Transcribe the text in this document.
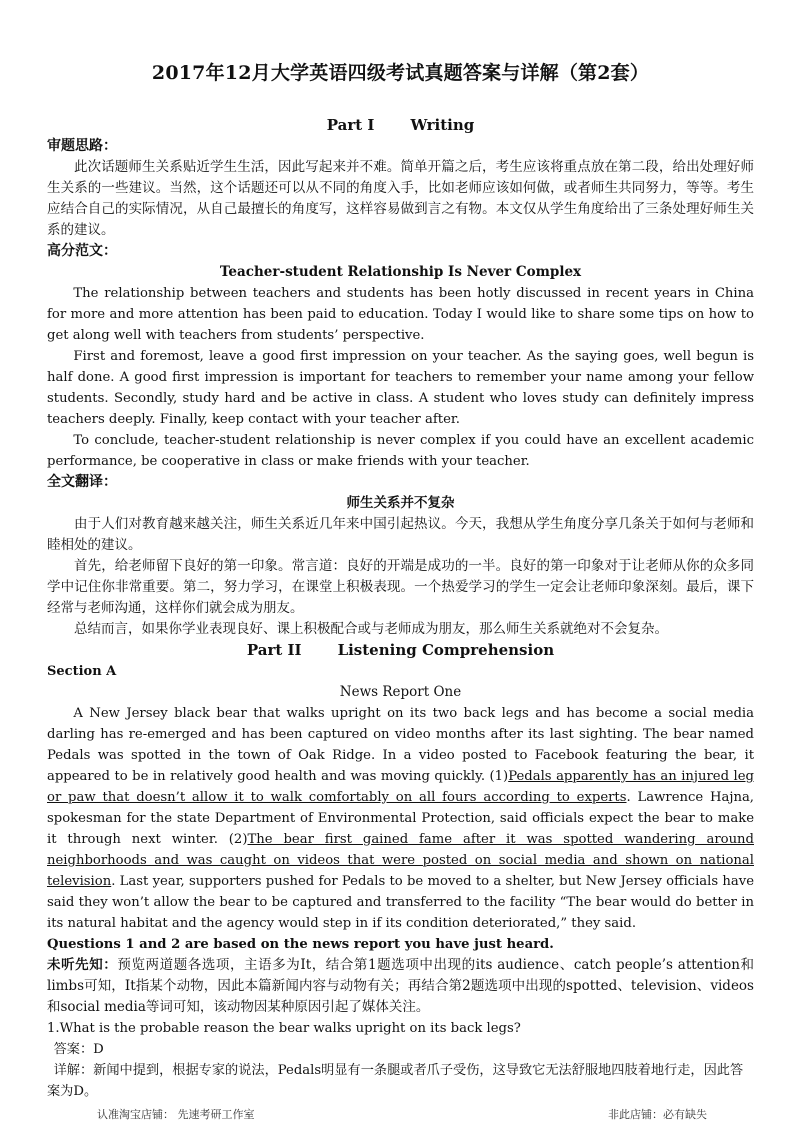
2017年12月大学英语四级考试真题答案与详解（第2套）
Part I Writing
审题思路：

此次话题师生关系贴近学生生活，因此写起来并不难。简单开篇之后，考生应该将重点放在第二段，给出处理好师生关系的一些建议。当然，这个话题还可以从不同的角度入手，比如老师应该如何做，或者师生共同努力，等等。考生应结合自己的实际情况，从自己最擅长的角度写，这样容易做到言之有物。本文仅从学生角度给出了三条处理好师生关系的建议。

高分范文：
Teacher-student Relationship Is Never Complex

The relationship between teachers and students has been hotly discussed in recent years in China for more and more attention has been paid to education. Today I would like to share some tips on how to get along well with teachers from students’ perspective.

First and foremost, leave a good first impression on your teacher. As the saying goes, well begun is half done. A good first impression is important for teachers to remember your name among your fellow students. Secondly, study hard and be active in class. A student who loves study can definitely impress teachers deeply. Finally, keep contact with your teacher after.

To conclude, teacher-student relationship is never complex if you could have an excellent academic performance, be cooperative in class or make friends with your teacher.

全文翻译：
师生关系并不复杂

由于人们对教育越来越关注，师生关系近几年来中国引起热议。今天，我想从学生角度分享几条关于如何与老师和睦相处的建议。

首先，给老师留下良好的第一印象。常言道：良好的开端是成功的一半。良好的第一印象对于让老师从你的众多同学中记住你非常重要。第二，努力学习，在课堂上积极表现。一个热爱学习的学生一定会让老师印象深刻。最后，课下经常与老师沟通，这样你们就会成为朋友。

总结而言，如果你学业表现良好、课上积极配合或与老师成为朋友，那么师生关系就绝对不会复杂。

Part II Listening Comprehension
Section A
News Report One

A New Jersey black bear that walks upright on its two back legs and has become a social media darling has re-emerged and has been captured on video months after its last sighting. The bear named Pedals was spotted in the town of Oak Ridge. In a video posted to Facebook featuring the bear, it appeared to be in relatively good health and was moving quickly. (1)Pedals apparently has an injured leg or paw that doesn’t allow it to walk comfortably on all fours according to experts. Lawrence Hajna, spokesman for the state Department of Environmental Protection, said officials expect the bear to make it through next winter. (2)The bear first gained fame after it was spotted wandering around neighborhoods and was caught on videos that were posted on social media and shown on national television. Last year, supporters pushed for Pedals to be moved to a shelter, but New Jersey officials have said they won’t allow the bear to be captured and transferred to the facility “The bear would do better in its natural habitat and the agency would step in if its condition deteriorated,” they said.

Questions 1 and 2 are based on the news report you have just heard.

未听先知：预览两道题各选项，主语多为It，结合第1题选项中出现的its audience、catch people’s attention和limbs可知，It指某个动物，因此本篇新闻内容与动物有关；再结合第2题选项中出现的spotted、television、videos和social media等词可知，该动物因某种原因引起了媒体关注。

1.What is the probable reason the bear walks upright on its back legs?

答案：D

详解：新闻中提到，根据专家的说法，Pedals明显有一条腿或者爪子受伤，这导致它无法舒服地四肢着地行走，因此答案为D。

认准淘宝店铺： 先速考研工作室	非此店铺：必有缺失
